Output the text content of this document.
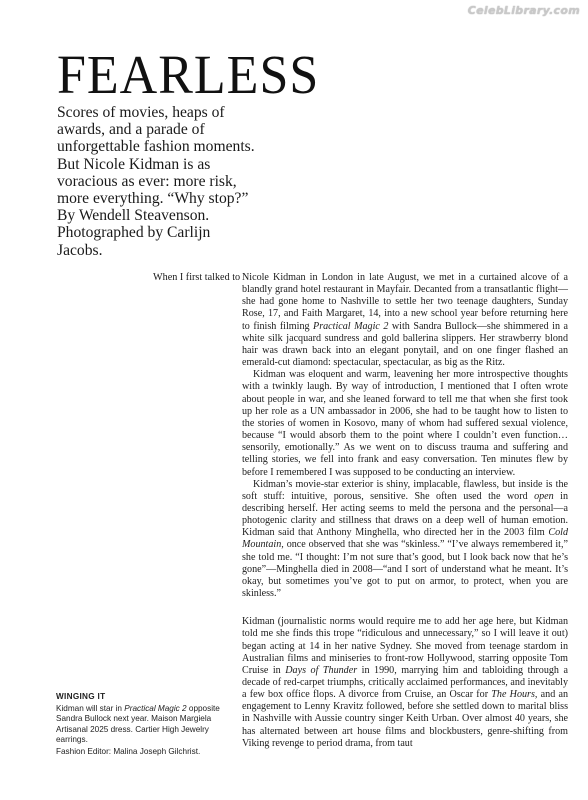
CelebLibrary.com
FEARLESS

Scores of movies, heaps of awards, and a parade of unforgettable fashion moments. But Nicole Kidman is as voracious as ever: more risk, more everything. “Why stop?” By Wendell Steavenson. Photographed by Carlijn Jacobs.

When I first talked to Nicole Kidman in London in late August, we met in a curtained alcove of a blandly grand hotel restaurant in Mayfair. Decanted from a transatlantic flight—she had gone home to Nashville to settle her two teenage daughters, Sunday Rose, 17, and Faith Margaret, 14, into a new school year before returning here to finish filming Practical Magic 2 with Sandra Bullock—she shimmered in a white silk jacquard sundress and gold ballerina slippers. Her strawberry blond hair was drawn back into an elegant ponytail, and on one finger flashed an emerald-cut diamond: spectacular, spectacular, as big as the Ritz.

Kidman was eloquent and warm, leavening her more introspective thoughts with a twinkly laugh. By way of introduction, I mentioned that I often wrote about people in war, and she leaned forward to tell me that when she first took up her role as a UN ambassador in 2006, she had to be taught how to listen to the stories of women in Kosovo, many of whom had suffered sexual violence, because “I would absorb them to the point where I couldn’t even function…sensorily, emotionally.” As we went on to discuss trauma and suffering and telling stories, we fell into frank and easy conversation. Ten minutes flew by before I remembered I was supposed to be conducting an interview.

Kidman’s movie-star exterior is shiny, implacable, flawless, but inside is the soft stuff: intuitive, porous, sensitive. She often used the word open in describing herself. Her acting seems to meld the persona and the personal—a photogenic clarity and stillness that draws on a deep well of human emotion. Kidman said that Anthony Minghella, who directed her in the 2003 film Cold Mountain, once observed that she was “skinless.” “I’ve always remembered it,” she told me. “I thought: I’m not sure that’s good, but I look back now that he’s gone”—Minghella died in 2008—“and I sort of understand what he meant. It’s okay, but sometimes you’ve got to put on armor, to protect, when you are skinless.”

Kidman (journalistic norms would require me to add her age here, but Kidman told me she finds this trope “ridiculous and unnecessary,” so I will leave it out) began acting at 14 in her native Sydney. She moved from teenage stardom in Australian films and miniseries to front-row Hollywood, starring opposite Tom Cruise in Days of Thunder in 1990, marrying him and tabloiding through a decade of red-carpet triumphs, critically acclaimed performances, and inevitably a few box office flops. A divorce from Cruise, an Oscar for The Hours, and an engagement to Lenny Kravitz followed, before she settled down to marital bliss in Nashville with Aussie country singer Keith Urban. Over almost 40 years, she has alternated between art house films and blockbusters, genre-shifting from Viking revenge to period drama, from taut

WINGING IT

Kidman will star in Practical Magic 2 opposite Sandra Bullock next year. Maison Margiela Artisanal 2025 dress. Cartier High Jewelry earrings.

Fashion Editor: Malina Joseph Gilchrist.
